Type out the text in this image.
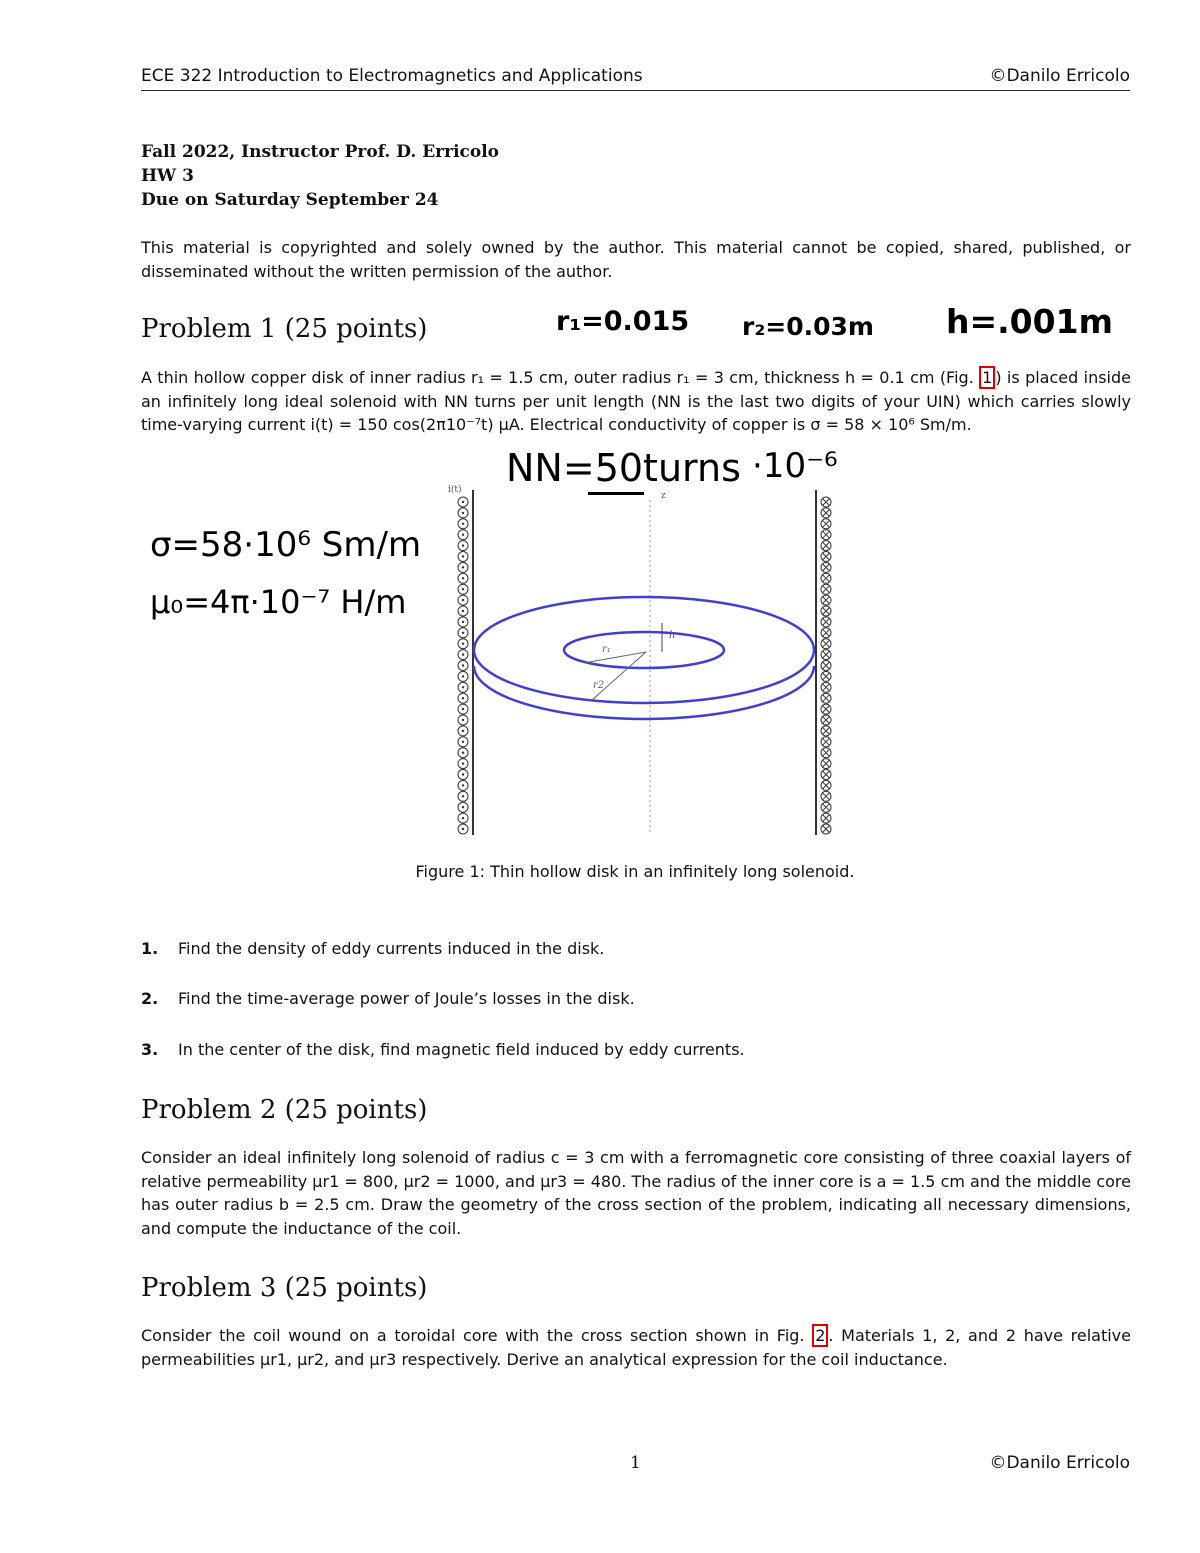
ECE 322 Introduction to Electromagnetics and Applications	©Danilo Erricolo
Fall 2022, Instructor Prof. D. Erricolo
HW 3
Due on Saturday September 24
This material is copyrighted and solely owned by the author. This material cannot be copied, shared, published, or disseminated without the written permission of the author.
Problem 1 (25 points)	r₁=0.015 r₂=0.03m h=.001m
A thin hollow copper disk of inner radius r₁ = 1.5 cm, outer radius r₁ = 3 cm, thickness h = 0.1 cm (Fig. 1 ) is placed inside an infinitely long ideal solenoid with NN turns per unit length (NN is the last two digits of your UIN) which carries slowly time-varying current i(t) = 150 cos(2π10⁻⁷t) μA. Electrical conductivity of copper is σ = 58 × 10⁶ Sm/m.
NN=50turns ·10⁻⁶
σ=58·10⁶ Sm/m
μ₀=4π·10⁻⁷ H/m
i(t)
z
r₁
r2
h
Figure 1: Thin hollow disk in an infinitely long solenoid.
1. Find the density of eddy currents induced in the disk.
2. Find the time-average power of Joule’s losses in the disk.
3. In the center of the disk, find magnetic field induced by eddy currents.
Problem 2 (25 points)
Consider an ideal infinitely long solenoid of radius c = 3 cm with a ferromagnetic core consisting of three coaxial layers of relative permeability μr1 = 800, μr2 = 1000, and μr3 = 480. The radius of the inner core is a = 1.5 cm and the middle core has outer radius b = 2.5 cm. Draw the geometry of the cross section of the problem, indicating all necessary dimensions, and compute the inductance of the coil.
Problem 3 (25 points)
Consider the coil wound on a toroidal core with the cross section shown in Fig. 2 . Materials 1, 2, and 2 have relative permeabilities μr1, μr2, and μr3 respectively. Derive an analytical expression for the coil inductance.
1	©Danilo Erricolo
